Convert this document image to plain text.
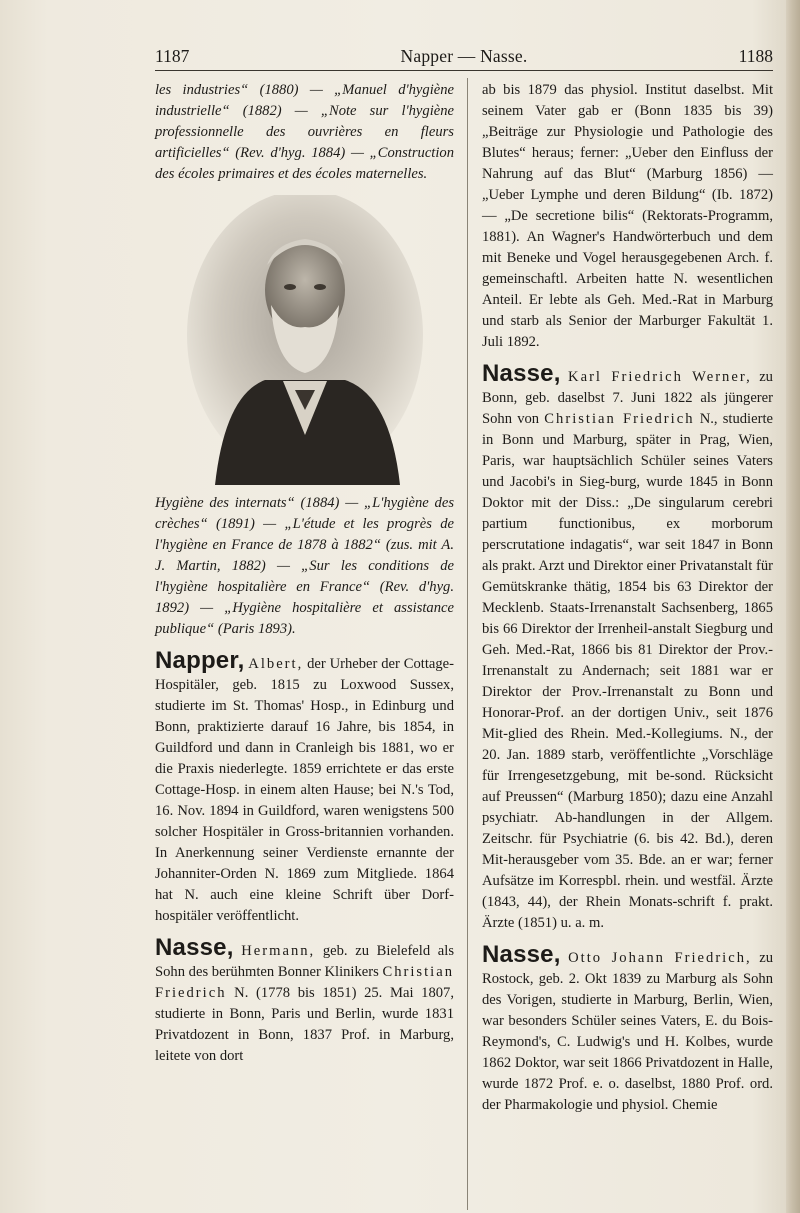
1187	Napper — Nasse.	1188

les industries“ (1880) — „Manuel d'hygiène industrielle“ (1882) — „Note sur l'hygiène professionnelle des ouvrières en fleurs artificielles“ (Rev. d'hyg. 1884) — „Construction des écoles primaires et des écoles maternelles.

Hygiène des internats“ (1884) — „L'hygiène des crèches“ (1891) — „L'étude et les progrès de l'hygiène en France de 1878 à 1882“ (zus. mit A. J. Martin, 1882) — „Sur les conditions de l'hygiène hospitalière en France“ (Rev. d'hyg. 1892) — „Hygiène hospitalière et assistance publique“ (Paris 1893).

Napper, Albert, der Urheber der Cottage-Hospitäler, geb. 1815 zu Loxwood Sussex, studierte im St. Thomas' Hosp., in Edinburg und Bonn, praktizierte darauf 16 Jahre, bis 1854, in Guildford und dann in Cranleigh bis 1881, wo er die Praxis niederlegte. 1859 errichtete er das erste Cottage-Hosp. in einem alten Hause; bei N.'s Tod, 16. Nov. 1894 in Guildford, waren wenigstens 500 solcher Hospitäler in Gross-britannien vorhanden. In Anerkennung seiner Verdienste ernannte der Johanniter-Orden N. 1869 zum Mitgliede. 1864 hat N. auch eine kleine Schrift über Dorf-hospitäler veröffentlicht.

Nasse, Hermann, geb. zu Bielefeld als Sohn des berühmten Bonner Klinikers Christian Friedrich N. (1778 bis 1851) 25. Mai 1807, studierte in Bonn, Paris und Berlin, wurde 1831 Privatdozent in Bonn, 1837 Prof. in Marburg, leitete von dort

ab bis 1879 das physiol. Institut daselbst. Mit seinem Vater gab er (Bonn 1835 bis 39) „Beiträge zur Physiologie und Pathologie des Blutes“ heraus; ferner: „Ueber den Einfluss der Nahrung auf das Blut“ (Marburg 1856) — „Ueber Lymphe und deren Bildung“ (Ib. 1872) — „De secretione bilis“ (Rektorats-Programm, 1881). An Wagner's Handwörterbuch und dem mit Beneke und Vogel herausgegebenen Arch. f. gemeinschaftl. Arbeiten hatte N. wesentlichen Anteil. Er lebte als Geh. Med.-Rat in Marburg und starb als Senior der Marburger Fakultät 1. Juli 1892.

Nasse, Karl Friedrich Werner, zu Bonn, geb. daselbst 7. Juni 1822 als jüngerer Sohn von Christian Friedrich N., studierte in Bonn und Marburg, später in Prag, Wien, Paris, war hauptsächlich Schüler seines Vaters und Jacobi's in Sieg-burg, wurde 1845 in Bonn Doktor mit der Diss.: „De singularum cerebri partium functionibus, ex morborum perscrutatione indagatis“, war seit 1847 in Bonn als prakt. Arzt und Direktor einer Privatanstalt für Gemütskranke thätig, 1854 bis 63 Direktor der Mecklenb. Staats-Irrenanstalt Sachsenberg, 1865 bis 66 Direktor der Irrenheil-anstalt Siegburg und Geh. Med.-Rat, 1866 bis 81 Direktor der Prov.-Irrenanstalt zu Andernach; seit 1881 war er Direktor der Prov.-Irrenanstalt zu Bonn und Honorar-Prof. an der dortigen Univ., seit 1876 Mit-glied des Rhein. Med.-Kollegiums. N., der 20. Jan. 1889 starb, veröffentlichte „Vorschläge für Irrengesetzgebung, mit be-sond. Rücksicht auf Preussen“ (Marburg 1850); dazu eine Anzahl psychiatr. Ab-handlungen in der Allgem. Zeitschr. für Psychiatrie (6. bis 42. Bd.), deren Mit-herausgeber vom 35. Bde. an er war; ferner Aufsätze im Korrespbl. rhein. und westfäl. Ärzte (1843, 44), der Rhein Monats-schrift f. prakt. Ärzte (1851) u. a. m.

Nasse, Otto Johann Friedrich, zu Rostock, geb. 2. Okt 1839 zu Marburg als Sohn des Vorigen, studierte in Marburg, Berlin, Wien, war besonders Schüler seines Vaters, E. du Bois-Reymond's, C. Ludwig's und H. Kolbes, wurde 1862 Doktor, war seit 1866 Privatdozent in Halle, wurde 1872 Prof. e. o. daselbst, 1880 Prof. ord. der Pharmakologie und physiol. Chemie
